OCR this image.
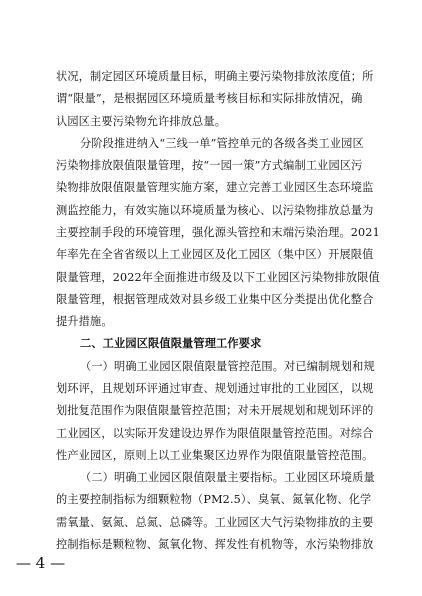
状况，制定园区环境质量目标，明确主要污染物排放浓度值；所
谓“限量”，是根据园区环境质量考核目标和实际排放情况，确
认园区主要污染物允许排放总量。
分阶段推进纳入“三线一单”管控单元的各级各类工业园区
污染物排放限值限量管理，按“一园一策”方式编制工业园区污
染物排放限值限量管理实施方案，建立完善工业园区生态环境监
测监控能力，有效实施以环境质量为核心、以污染物排放总量为
主要控制手段的环境管理，强化源头管控和末端污染治理。2021
年率先在全省省级以上工业园区及化工园区（集中区）开展限值
限量管理，2022年全面推进市级及以下工业园区污染物排放限值
限量管理，根据管理成效对县乡级工业集中区分类提出优化整合
提升措施。
二、工业园区限值限量管理工作要求
（一）明确工业园区限值限量管控范围。对已编制规划和规
划环评，且规划环评通过审查、规划通过审批的工业园区，以规
划批复范围作为限值限量管控范围；对未开展规划和规划环评的
工业园区，以实际开发建设边界作为限值限量管控范围。对综合
性产业园区，原则上以工业集聚区边界作为限值限量管控范围。
（二）明确工业园区限值限量主要指标。工业园区环境质量
的主要控制指标为细颗粒物（PM2.5）、臭氧、氮氧化物、化学
需氧量、氨氮、总氮、总磷等。工业园区大气污染物排放的主要
控制指标是颗粒物、氮氧化物、挥发性有机物等，水污染物排放
— 4 —
